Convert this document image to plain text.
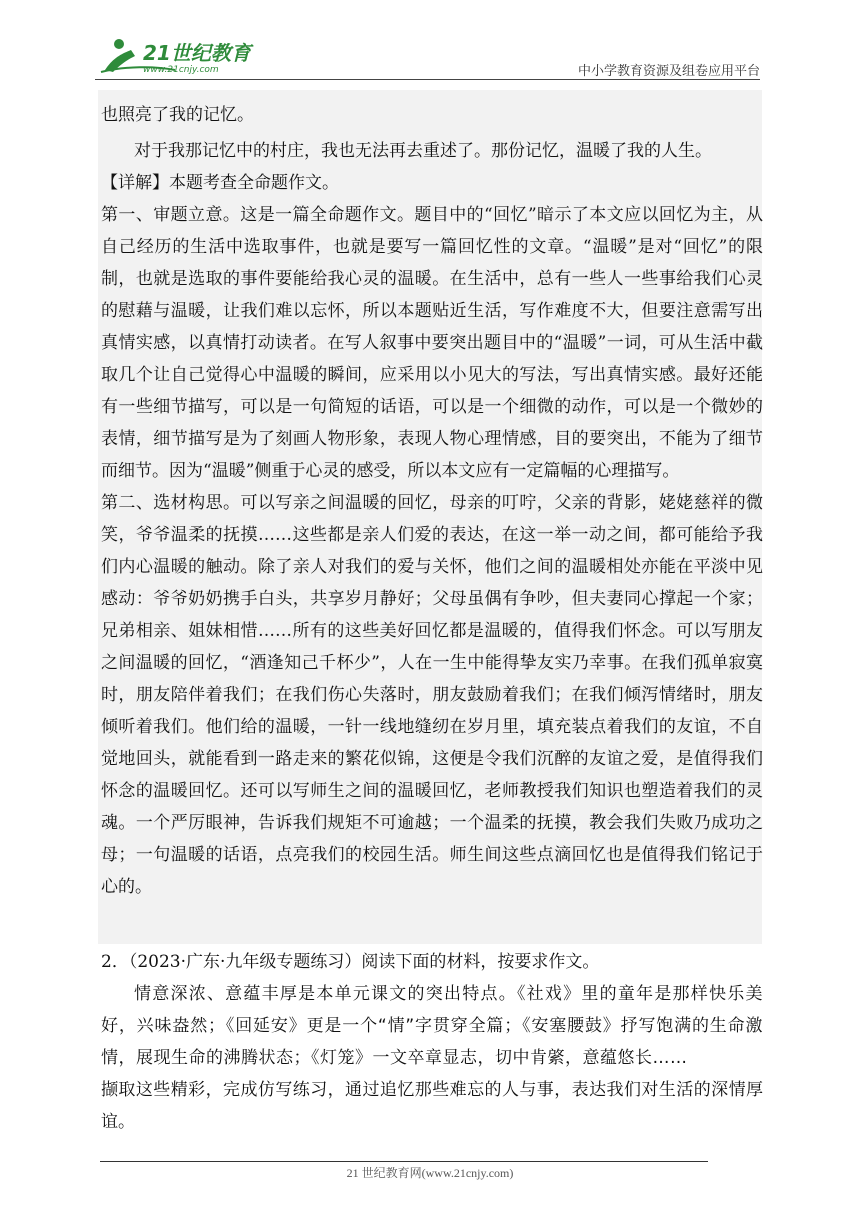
21世纪教育
www.21cnjy.com	中小学教育资源及组卷应用平台

也照亮了我的记忆。

对于我那记忆中的村庄，我也无法再去重述了。那份记忆，温暖了我的人生。

【详解】本题考查全命题作文。

第一、审题立意。这是一篇全命题作文。题目中的“回忆”暗示了本文应以回忆为主，从自己经历的生活中选取事件，也就是要写一篇回忆性的文章。“温暖”是对“回忆”的限制，也就是选取的事件要能给我心灵的温暖。在生活中，总有一些人一些事给我们心灵的慰藉与温暖，让我们难以忘怀，所以本题贴近生活，写作难度不大，但要注意需写出真情实感，以真情打动读者。在写人叙事中要突出题目中的“温暖”一词，可从生活中截取几个让自己觉得心中温暖的瞬间，应采用以小见大的写法，写出真情实感。最好还能有一些细节描写，可以是一句简短的话语，可以是一个细微的动作，可以是一个微妙的表情，细节描写是为了刻画人物形象，表现人物心理情感，目的要突出，不能为了细节而细节。因为“温暖”侧重于心灵的感受，所以本文应有一定篇幅的心理描写。

第二、选材构思。可以写亲之间温暖的回忆，母亲的叮咛，父亲的背影，姥姥慈祥的微笑，爷爷温柔的抚摸……这些都是亲人们爱的表达，在这一举一动之间，都可能给予我们内心温暖的触动。除了亲人对我们的爱与关怀，他们之间的温暖相处亦能在平淡中见感动：爷爷奶奶携手白头，共享岁月静好；父母虽偶有争吵，但夫妻同心撑起一个家；兄弟相亲、姐妹相惜……所有的这些美好回忆都是温暖的，值得我们怀念。可以写朋友之间温暖的回忆，“酒逢知己千杯少”，人在一生中能得挚友实乃幸事。在我们孤单寂寞时，朋友陪伴着我们；在我们伤心失落时，朋友鼓励着我们；在我们倾泻情绪时，朋友倾听着我们。他们给的温暖，一针一线地缝纫在岁月里，填充装点着我们的友谊，不自觉地回头，就能看到一路走来的繁花似锦，这便是令我们沉醉的友谊之爱，是值得我们怀念的温暖回忆。还可以写师生之间的温暖回忆，老师教授我们知识也塑造着我们的灵魂。一个严厉眼神，告诉我们规矩不可逾越；一个温柔的抚摸，教会我们失败乃成功之母；一句温暖的话语，点亮我们的校园生活。师生间这些点滴回忆也是值得我们铭记于心的。

2．（2023·广东·九年级专题练习）阅读下面的材料，按要求作文。

情意深浓、意蕴丰厚是本单元课文的突出特点。《社戏》里的童年是那样快乐美好，兴味盎然；《回延安》更是一个“情”字贯穿全篇；《安塞腰鼓》抒写饱满的生命激情，展现生命的沸腾状态；《灯笼》一文卒章显志，切中肯綮，意蕴悠长……

撷取这些精彩，完成仿写练习，通过追忆那些难忘的人与事，表达我们对生活的深情厚谊。

21 世纪教育网(www.21cnjy.com)
